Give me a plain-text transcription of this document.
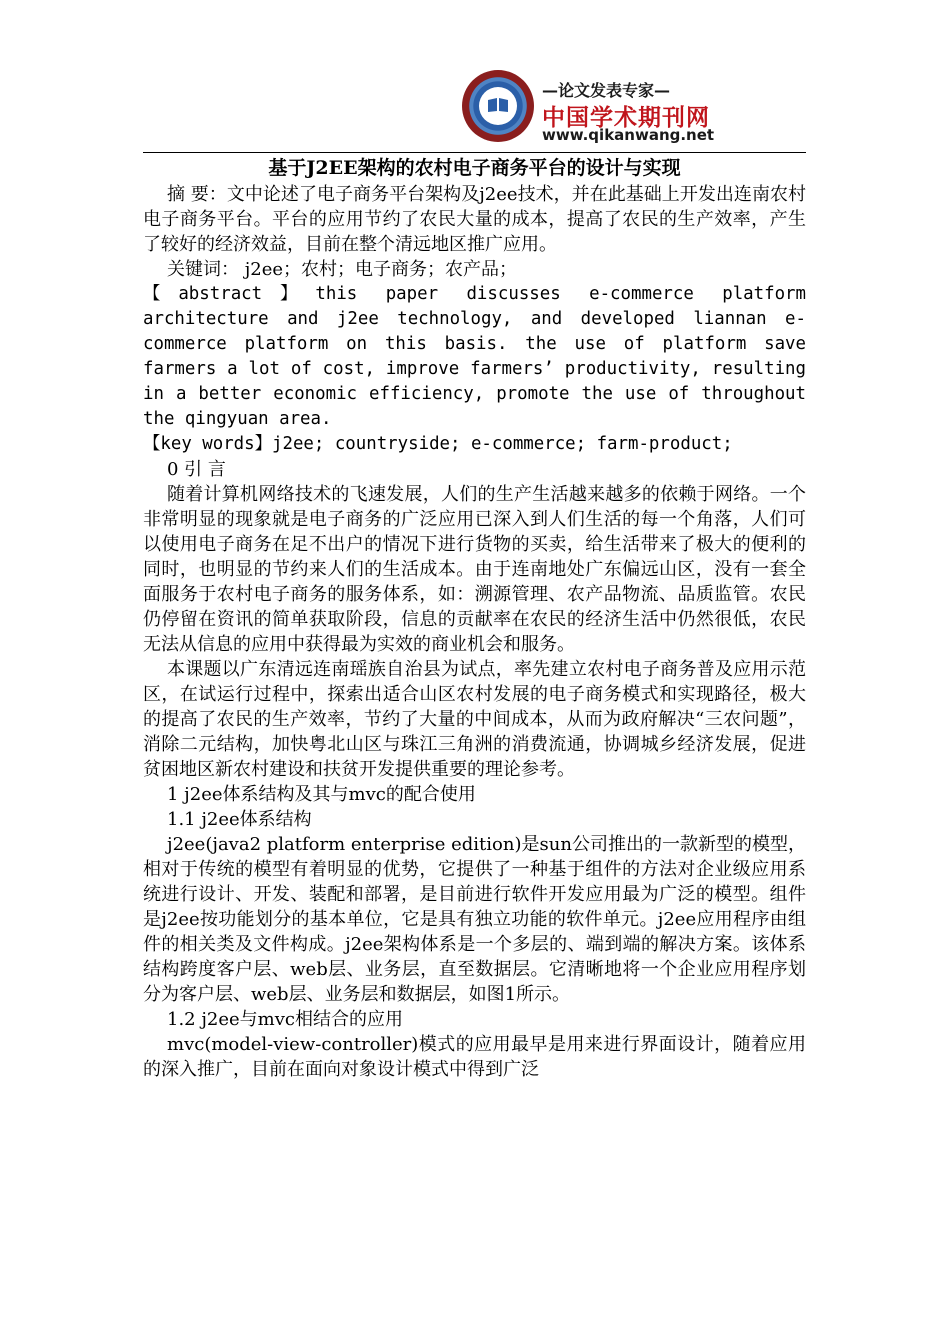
—论文发表专家—
中国学术期刊网
www.qikanwang.net
基于J2EE架构的农村电子商务平台的设计与实现

摘 要：文中论述了电子商务平台架构及j2ee技术，并在此基础上开发出连南农村电子商务平台。平台的应用节约了农民大量的成本，提高了农民的生产效率，产生了较好的经济效益，目前在整个清远地区推广应用。

关键词： j2ee；农村；电子商务；农产品；

【abstract】this paper discusses e-commerce platform architecture and j2ee technology, and developed liannan e-commerce platform on this basis. the use of platform save farmers a lot of cost, improve farmers’ productivity, resulting in a better economic efficiency, promote the use of throughout the qingyuan area.

【key words】j2ee; countryside; e-commerce; farm-product;

0 引 言

随着计算机网络技术的飞速发展，人们的生产生活越来越多的依赖于网络。一个非常明显的现象就是电子商务的广泛应用已深入到人们生活的每一个角落，人们可以使用电子商务在足不出户的情况下进行货物的买卖，给生活带来了极大的便利的同时，也明显的节约来人们的生活成本。由于连南地处广东偏远山区，没有一套全面服务于农村电子商务的服务体系，如：溯源管理、农产品物流、品质监管。农民仍停留在资讯的简单获取阶段，信息的贡献率在农民的经济生活中仍然很低，农民无法从信息的应用中获得最为实效的商业机会和服务。

本课题以广东清远连南瑶族自治县为试点，率先建立农村电子商务普及应用示范区，在试运行过程中，探索出适合山区农村发展的电子商务模式和实现路径，极大的提高了农民的生产效率，节约了大量的中间成本，从而为政府解决“三农问题”，消除二元结构，加快粤北山区与珠江三角洲的消费流通，协调城乡经济发展，促进贫困地区新农村建设和扶贫开发提供重要的理论参考。

1 j2ee体系结构及其与mvc的配合使用

1.1 j2ee体系结构

j2ee(java2 platform enterprise edition)是sun公司推出的一款新型的模型，相对于传统的模型有着明显的优势，它提供了一种基于组件的方法对企业级应用系统进行设计、开发、装配和部署，是目前进行软件开发应用最为广泛的模型。组件是j2ee按功能划分的基本单位，它是具有独立功能的软件单元。j2ee应用程序由组件的相关类及文件构成。j2ee架构体系是一个多层的、端到端的解决方案。该体系结构跨度客户层、web层、业务层，直至数据层。它清晰地将一个企业应用程序划分为客户层、web层、业务层和数据层，如图1所示。

1.2 j2ee与mvc相结合的应用

mvc(model-view-controller)模式的应用最早是用来进行界面设计，随着应用的深入推广，目前在面向对象设计模式中得到广泛
